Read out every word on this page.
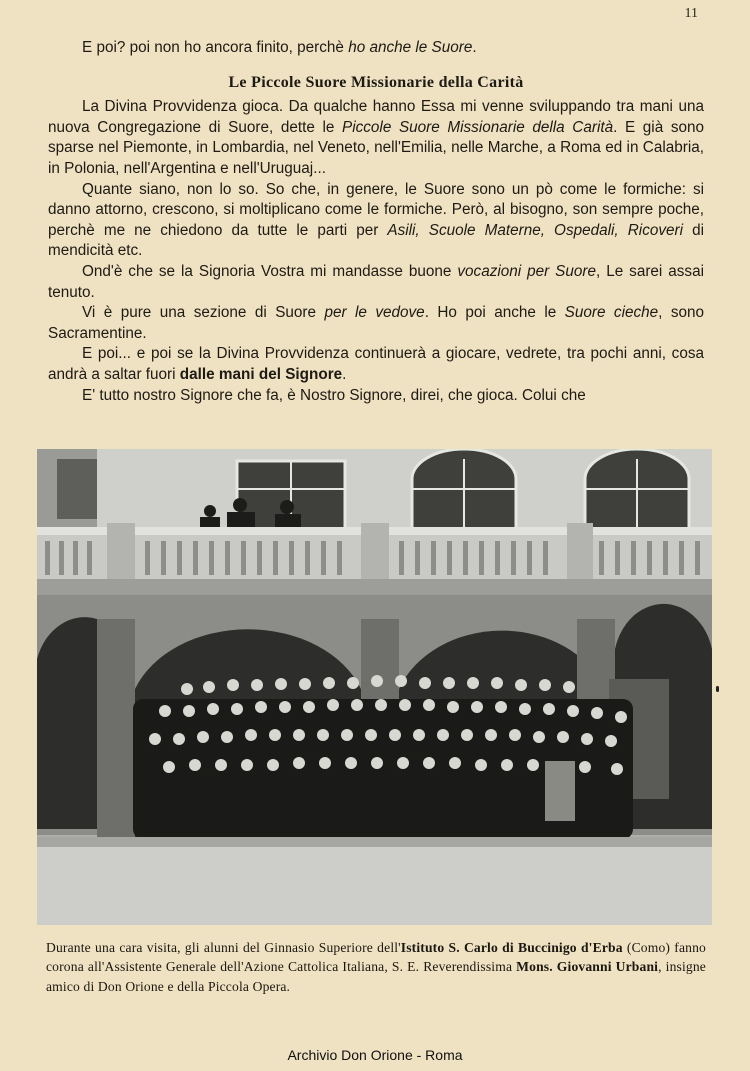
11

E poi? poi non ho ancora finito, perchè ho anche le Suore.

Le Piccole Suore Missionarie della Carità

La Divina Provvidenza gioca. Da qualche hanno Essa mi venne sviluppando tra mani una nuova Congregazione di Suore, dette le Piccole Suore Missionarie della Carità. E già sono sparse nel Piemonte, in Lombardia, nel Veneto, nell'Emilia, nelle Marche, a Roma ed in Calabria, in Polonia, nell'Argentina e nell'Uruguaj...

Quante siano, non lo so. So che, in genere, le Suore sono un pò come le formiche: si danno attorno, crescono, si moltiplicano come le formiche. Però, al bisogno, son sempre poche, perchè me ne chiedono da tutte le parti per Asili, Scuole Materne, Ospedali, Ricoveri di mendicità etc.

Ond'è che se la Signoria Vostra mi mandasse buone vocazioni per Suore, Le sarei assai tenuto.

Vi è pure una sezione di Suore per le vedove. Ho poi anche le Suore cieche, sono Sacramentine.

E poi... e poi se la Divina Provvidenza continuerà a giocare, vedrete, tra pochi anni, cosa andrà a saltar fuori dalle mani del Signore.

E' tutto nostro Signore che fa, è Nostro Signore, direi, che gioca. Colui che

Durante una cara visita, gli alunni del Ginnasio Superiore dell'Istituto S. Carlo di Buccinigo d'Erba (Como) fanno corona all'Assistente Generale dell'Azione Cattolica Italiana, S. E. Reverendissima Mons. Giovanni Urbani, insigne amico di Don Orione e della Piccola Opera.
Archivio Don Orione - Roma
